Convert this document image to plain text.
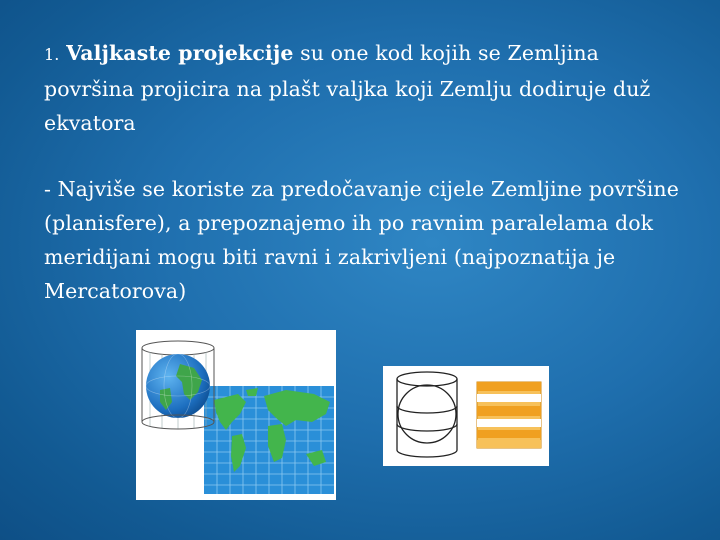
1. Valjkaste projekcije su one kod kojih se Zemljina površina projicira na plašt valjka koji Zemlju dodiruje duž ekvatora
- Najviše se koriste za predočavanje cijele Zemljine površine (planisfere), a prepoznajemo ih po ravnim paralelama dok meridijani mogu biti ravni i zakrivljeni (najpoznatija je Mercatorova)
